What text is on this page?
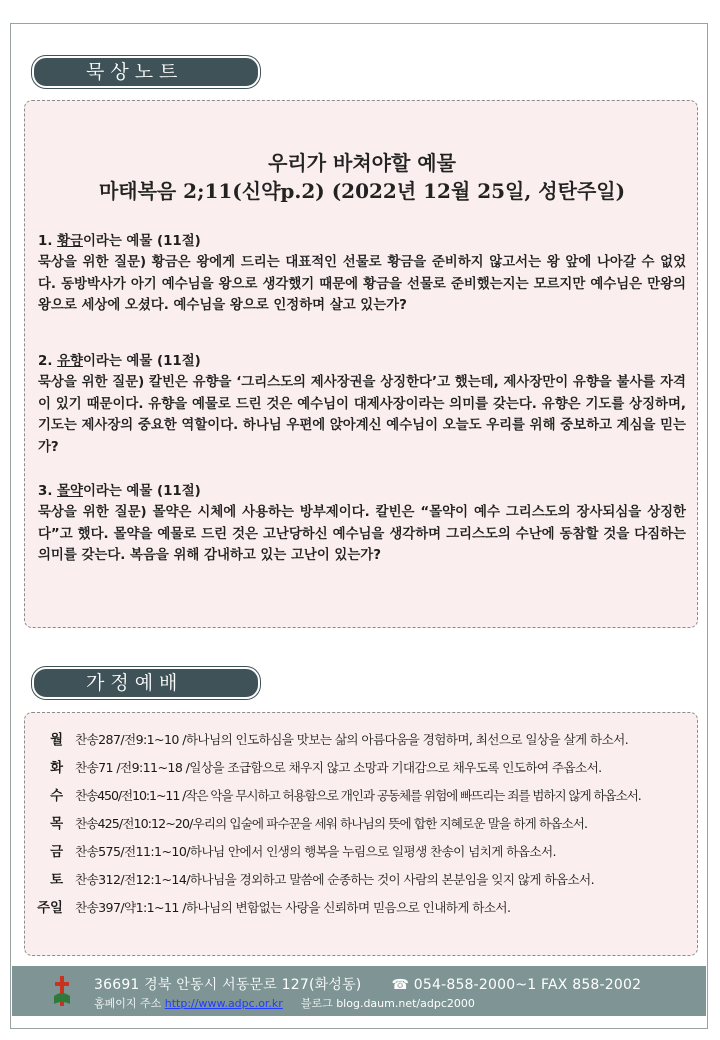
묵상노트
우리가 바쳐야할 예물
마태복음 2;11(신약p.2) (2022년 12월 25일, 성탄주일)

1. 황금이라는 예물 (11절)

묵상을 위한 질문) 황금은 왕에게 드리는 대표적인 선물로 황금을 준비하지 않고서는 왕 앞에 나아갈 수 없었다. 동방박사가 아기 예수님을 왕으로 생각했기 때문에 황금을 선물로 준비했는지는 모르지만 예수님은 만왕의 왕으로 세상에 오셨다. 예수님을 왕으로 인정하며 살고 있는가?

2. 유향이라는 예물 (11절)

묵상을 위한 질문) 칼빈은 유향을 ‘그리스도의 제사장권을 상징한다’고 했는데, 제사장만이 유향을 불사를 자격이 있기 때문이다. 유향을 예물로 드린 것은 예수님이 대제사장이라는 의미를 갖는다. 유향은 기도를 상징하며, 기도는 제사장의 중요한 역할이다. 하나님 우편에 앉아계신 예수님이 오늘도 우리를 위해 중보하고 계심을 믿는가?

3. 몰약이라는 예물 (11절)

묵상을 위한 질문) 몰약은 시체에 사용하는 방부제이다. 칼빈은 “몰약이 예수 그리스도의 장사되심을 상징한다”고 했다. 몰약을 예물로 드린 것은 고난당하신 예수님을 생각하며 그리스도의 수난에 동참할 것을 다짐하는 의미를 갖는다. 복음을 위해 감내하고 있는 고난이 있는가?

가정예배
월 찬송287/전9:1~10 /하나님의 인도하심을 맛보는 삶의 아름다움을 경험하며, 최선으로 일상을 살게 하소서.
화 찬송71 /전9:11~18 /일상을 조급함으로 채우지 않고 소망과 기대감으로 채우도록 인도하여 주옵소서.
수 찬송450/전10:1~11 /작은 악을 무시하고 허용함으로 개인과 공동체를 위험에 빠뜨리는 죄를 범하지 않게 하옵소서.
목 찬송425/전10:12~20/우리의 입술에 파수꾼을 세워 하나님의 뜻에 합한 지혜로운 말을 하게 하옵소서.
금 찬송575/전11:1~10/하나님 안에서 인생의 행복을 누림으로 일평생 찬송이 넘치게 하옵소서.
토 찬송312/전12:1~14/하나님을 경외하고 말씀에 순종하는 것이 사람의 본분임을 잊지 않게 하옵소서.
주일 찬송397/약1:1~11 /하나님의 변함없는 사랑을 신뢰하며 믿음으로 인내하게 하소서.
36691 경북 안동시 서동문로 127(화성동) ☎ 054-858-2000~1 FAX 858-2002
홈페이지 주소 http://www.adpc.or.kr 블로그 blog.daum.net/adpc2000
